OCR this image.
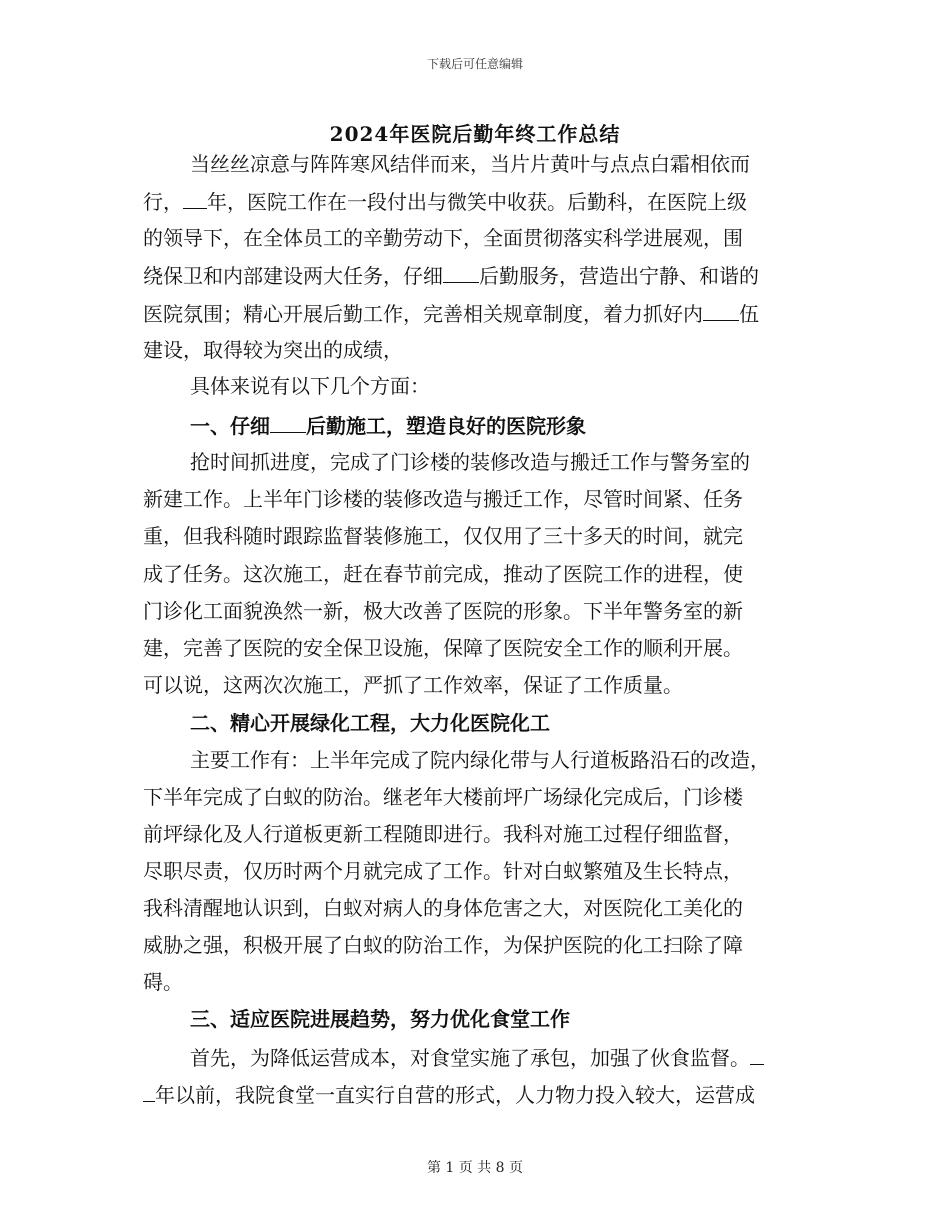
下载后可任意编辑
2024年医院后勤年终工作总结
当丝丝凉意与阵阵寒风结伴而来，当片片黄叶与点点白霜相依而
行， 年，医院工作在一段付出与微笑中收获。后勤科，在医院上级
的领导下，在全体员工的辛勤劳动下，全面贯彻落实科学进展观，围
绕保卫和内部建设两大任务，仔细 后勤服务，营造出宁静、和谐的
医院氛围；精心开展后勤工作，完善相关规章制度，着力抓好内 伍
建设，取得较为突出的成绩，
具体来说有以下几个方面：
一、仔细 后勤施工，塑造良好的医院形象
抢时间抓进度，完成了门诊楼的装修改造与搬迁工作与警务室的
新建工作。上半年门诊楼的装修改造与搬迁工作，尽管时间紧、任务
重，但我科随时跟踪监督装修施工，仅仅用了三十多天的时间，就完
成了任务。这次施工，赶在春节前完成，推动了医院工作的进程，使
门诊化工面貌涣然一新，极大改善了医院的形象。下半年警务室的新
建，完善了医院的安全保卫设施，保障了医院安全工作的顺利开展。
可以说，这两次次施工，严抓了工作效率，保证了工作质量。
二、精心开展绿化工程，大力化医院化工
主要工作有：上半年完成了院内绿化带与人行道板路沿石的改造，
下半年完成了白蚁的防治。继老年大楼前坪广场绿化完成后，门诊楼
前坪绿化及人行道板更新工程随即进行。我科对施工过程仔细监督，
尽职尽责，仅历时两个月就完成了工作。针对白蚁繁殖及生长特点，
我科清醒地认识到，白蚁对病人的身体危害之大，对医院化工美化的
威胁之强，积极开展了白蚁的防治工作，为保护医院的化工扫除了障
碍。
三、适应医院进展趋势，努力优化食堂工作
首先，为降低运营成本，对食堂实施了承包，加强了伙食监督。
年以前，我院食堂一直实行自营的形式，人力物力投入较大，运营成
第 1 页 共 8 页
